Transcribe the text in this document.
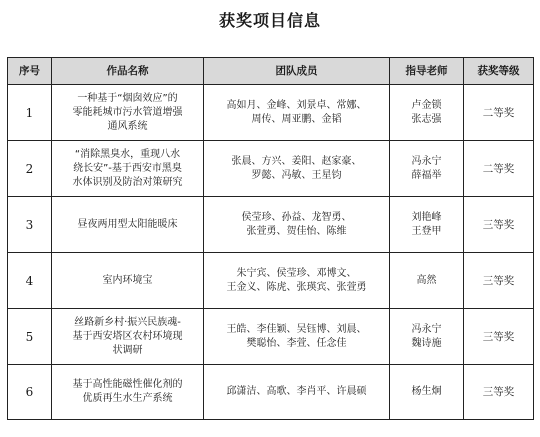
获奖项目信息
序号	作品名称	团队成员	指导老师	获奖等级
1	一种基于“烟囱效应”的
零能耗城市污水管道增强
通风系统	高如月、金峰、刘景卓、常娜、
周传、周亚鹏、金韬	卢金锁
张志强	二等奖
2	“消除黑臭水，重现八水
绕长安”-基于西安市黑臭
水体识别及防治对策研究	张晨、方兴、姜阳、赵家豪、
罗懿、冯敏、王星钧	冯永宁
薛福举	二等奖
3	昼夜两用型太阳能暖床	侯莹珍、孙益、龙智勇、
张萱勇、贺佳怡、陈维	刘艳峰
王登甲	三等奖
4	室内环境宝	朱宁宾、侯莹珍、邓博文、
王金义、陈虎、张瑛宾、张萱勇	高然	三等奖
5	丝路新乡村·振兴民族魂-
基于西安塔区农村环境现
状调研	王皓、李佳颖、吴钰博、刘晨、
樊聪怡、李萱、任念佳	冯永宁
魏诗施	三等奖
6	基于高性能磁性催化剂的
优质再生水生产系统	邱潇洁、高歌、李肖平、许晨硕	杨生炯	三等奖
